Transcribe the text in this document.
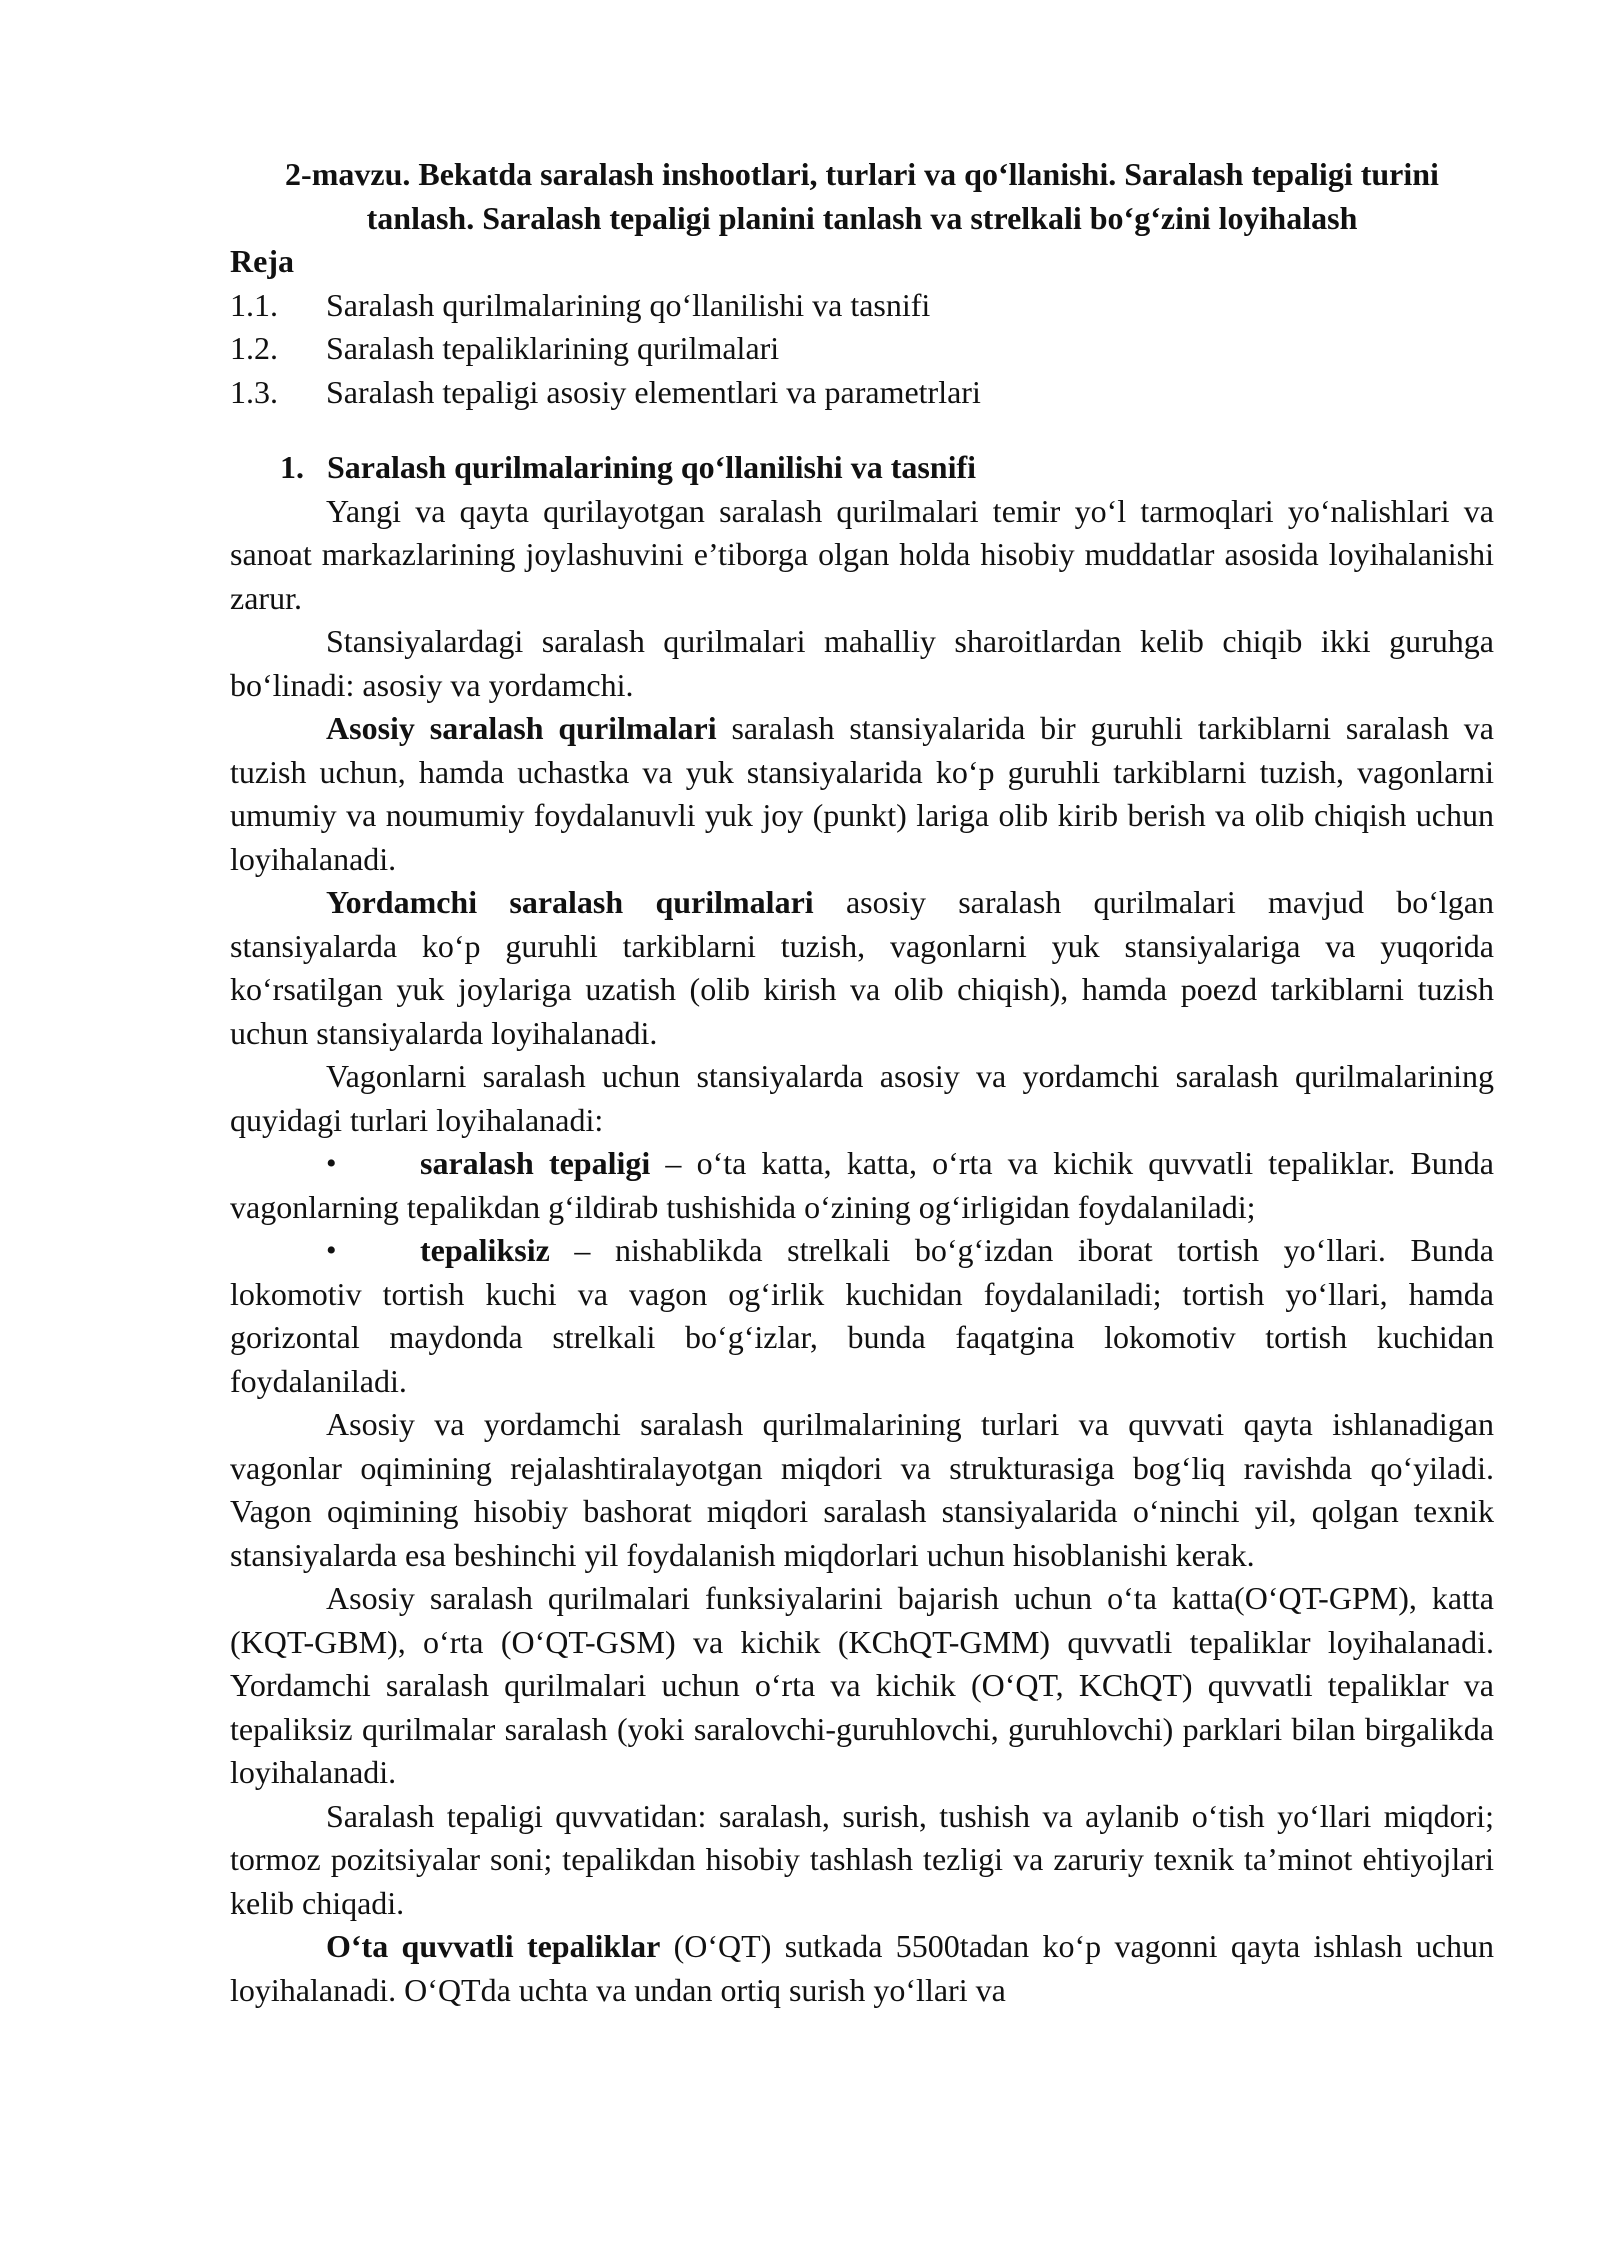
2-mavzu. Bekatda saralash inshootlari, turlari va qo‘llanishi. Saralash tepaligi turini tanlash. Saralash tepaligi planini tanlash va strelkali bo‘g‘zini loyihalash

Reja

1.1.	Saralash qurilmalarining qo‘llanilishi va tasnifi
1.2.	Saralash tepaliklarining qurilmalari
1.3.	Saralash tepaligi asosiy elementlari va parametrlari
1. Saralash qurilmalarining qo‘llanilishi va tasnifi

Yangi va qayta qurilayotgan saralash qurilmalari temir yo‘l tarmoqlari yo‘nalishlari va sanoat markazlarining joylashuvini e’tiborga olgan holda hisobiy muddatlar asosida loyihalanishi zarur.

Stansiyalardagi saralash qurilmalari mahalliy sharoitlardan kelib chiqib ikki guruhga bo‘linadi: asosiy va yordamchi.

Asosiy saralash qurilmalari saralash stansiyalarida bir guruhli tarkiblarni saralash va tuzish uchun, hamda uchastka va yuk stansiyalarida ko‘p guruhli tarkiblarni tuzish, vagonlarni umumiy va noumumiy foydalanuvli yuk joy (punkt) lariga olib kirib berish va olib chiqish uchun loyihalanadi.

Yordamchi saralash qurilmalari asosiy saralash qurilmalari mavjud bo‘lgan stansiyalarda ko‘p guruhli tarkiblarni tuzish, vagonlarni yuk stansiyalariga va yuqorida ko‘rsatilgan yuk joylariga uzatish (olib kirish va olib chiqish), hamda poezd tarkiblarni tuzish uchun stansiyalarda loyihalanadi.

Vagonlarni saralash uchun stansiyalarda asosiy va yordamchi saralash qurilmalarining quyidagi turlari loyihalanadi:

•	saralash tepaligi – o‘ta katta, katta, o‘rta va kichik quvvatli tepaliklar. Bunda vagonlarning tepalikdan g‘ildirab tushishida o‘zining og‘irligidan foydalaniladi;

•	tepaliksiz – nishablikda strelkali bo‘g‘izdan iborat tortish yo‘llari. Bunda lokomotiv tortish kuchi va vagon og‘irlik kuchidan foydalaniladi; tortish yo‘llari, hamda gorizontal maydonda strelkali bo‘g‘izlar, bunda faqatgina lokomotiv tortish kuchidan foydalaniladi.

Asosiy va yordamchi saralash qurilmalarining turlari va quvvati qayta ishlanadigan vagonlar oqimining rejalashtiralayotgan miqdori va strukturasiga bog‘liq ravishda qo‘yiladi. Vagon oqimining hisobiy bashorat miqdori saralash stansiyalarida o‘ninchi yil, qolgan texnik stansiyalarda esa beshinchi yil foydalanish miqdorlari uchun hisoblanishi kerak.

Asosiy saralash qurilmalari funksiyalarini bajarish uchun o‘ta katta(O‘QT-GPM), katta (KQT-GBM), o‘rta (O‘QT-GSM) va kichik (KChQT-GMM) quvvatli tepaliklar loyihalanadi. Yordamchi saralash qurilmalari uchun o‘rta va kichik (O‘QT, KChQT) quvvatli tepaliklar va tepaliksiz qurilmalar saralash (yoki saralovchi-guruhlovchi, guruhlovchi) parklari bilan birgalikda loyihalanadi.

Saralash tepaligi quvvatidan: saralash, surish, tushish va aylanib o‘tish yo‘llari miqdori; tormoz pozitsiyalar soni; tepalikdan hisobiy tashlash tezligi va zaruriy texnik ta’minot ehtiyojlari kelib chiqadi.

O‘ta quvvatli tepaliklar (O‘QT) sutkada 5500tadan ko‘p vagonni qayta ishlash uchun loyihalanadi. O‘QTda uchta va undan ortiq surish yo‘llari va
